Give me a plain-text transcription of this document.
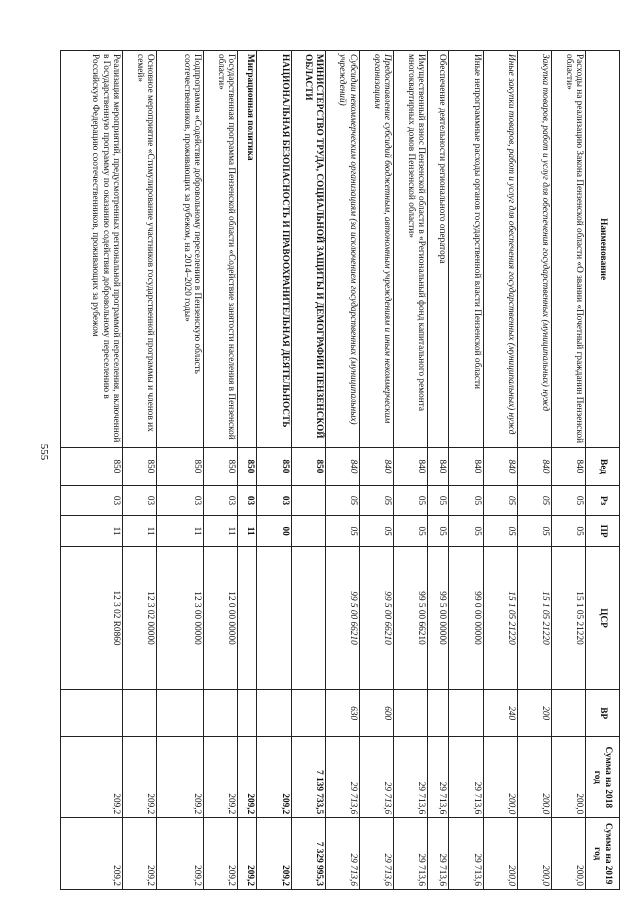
555
Наименование	Вед	Рз	ПР	ЦСР	ВР	Сумма на 2018 год	Сумма на 2019 год
Расходы на реализацию Закона Пензенской области «О звании «Почетный гражданин Пензенской области»	840	05	05	15 1 05 21220		200,0	200,0
Закупка товаров, работ и услуг для обеспечения государственных (муниципальных) нужд	840	05	05	15 1 05 21220	200	200,0	200,0
Иные закупки товаров, работ и услуг для обеспечения государственных (муниципальных) нужд	840	05	05	15 1 05 21220	240	200,0	200,0
Иные непрограммные расходы органов государственной власти Пензенской области	840	05	05	99 0 00 00000		29 713,6	29 713,6
Обеспечение деятельности регионального оператора	840	05	05	99 5 00 00000		29 713,6	29 713,6
Имущественный взнос Пензенской области в «Региональный фонд капитального ремонта многоквартирных домов Пензенской области»	840	05	05	99 5 00 66210		29 713,6	29 713,6
Предоставление субсидий бюджетным, автономным учреждениям и иным некоммерческим организациям	840	05	05	99 5 00 66210	600	29 713,6	29 713,6
Субсидии некоммерческим организациям (за исключением государственных (муниципальных) учреждений)	840	05	05	99 5 00 66210	630	29 713,6	29 713,6
МИНИСТЕРСТВО ТРУДА, СОЦИАЛЬНОЙ ЗАЩИТЫ И ДЕМОГРАФИИ ПЕНЗЕНСКОЙ ОБЛАСТИ	850					7 139 733,5	7 329 995,3
НАЦИОНАЛЬНАЯ БЕЗОПАСНОСТЬ И ПРАВООХРАНИТЕЛЬНАЯ ДЕЯТЕЛЬНОСТЬ	850	03	00			209,2	209,2
Миграционная политика	850	03	11			209,2	209,2
Государственная программа Пензенской области «Содействие занятости населения в Пензенской области»	850	03	11	12 0 00 00000		209,2	209,2
Подпрограмма «Содействие добровольному переселению в Пензенскую область соотечественников, проживающих за рубежом, на 2014–2020 годы»	850	03	11	12 3 00 00000		209,2	209,2
Основное мероприятие «Стимулирование участников государственной программы и членов их семей»	850	03	11	12 3 02 00000		209,2	209,2
Реализация мероприятий, предусмотренных региональной программой переселения, включенной в Государственную программу по оказанию содействия добровольному переселению в Российскую Федерацию соотечественников, проживающих за рубежом	850	03	11	12 3 02 R0860		209,2	209,2
